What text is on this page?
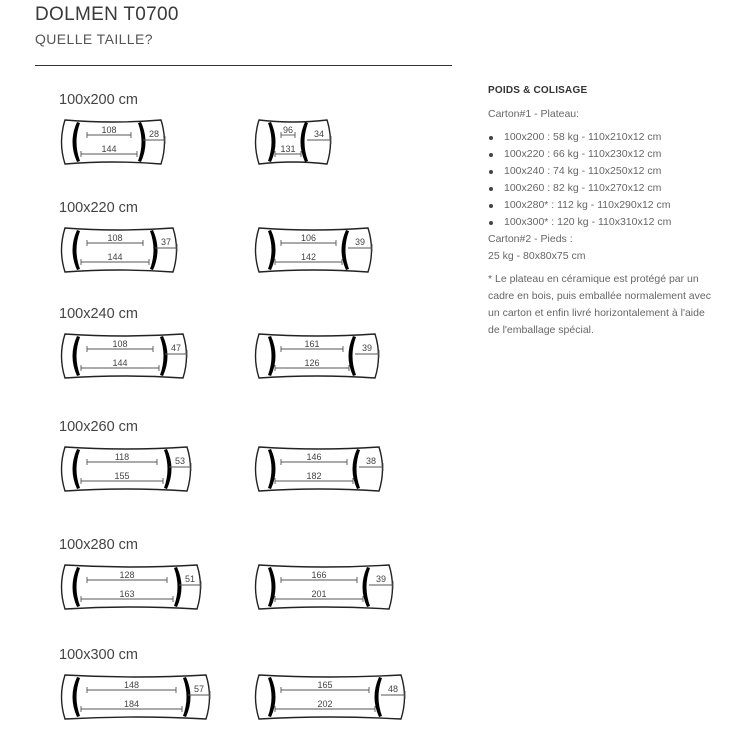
DOLMEN T0700
QUELLE TAILLE?
100x200 cm
108
144
28	96
131
34
100x220 cm
108
144
37	106
142
39
100x240 cm
108
144
47	161
126
39
100x260 cm
118
155
53	146
182
38
100x280 cm
128
163
51	166
201
39
100x300 cm
148
184
57	165
202
48
POIDS & COLISAGE
Carton#1 - Plateau:
100x200 : 58 kg - 110x210x12 cm
100x220 : 66 kg - 110x230x12 cm
100x240 : 74 kg - 110x250x12 cm
100x260 : 82 kg - 110x270x12 cm
100x280* : 112 kg - 110x290x12 cm
100x300* : 120 kg - 110x310x12 cm
Carton#2 - Pieds :
25 kg - 80x80x75 cm
* Le plateau en céramique est protégé par un cadre en bois, puis emballée normalement avec un carton et enfin livré horizontalement à l'aide de l'emballage spécial.
